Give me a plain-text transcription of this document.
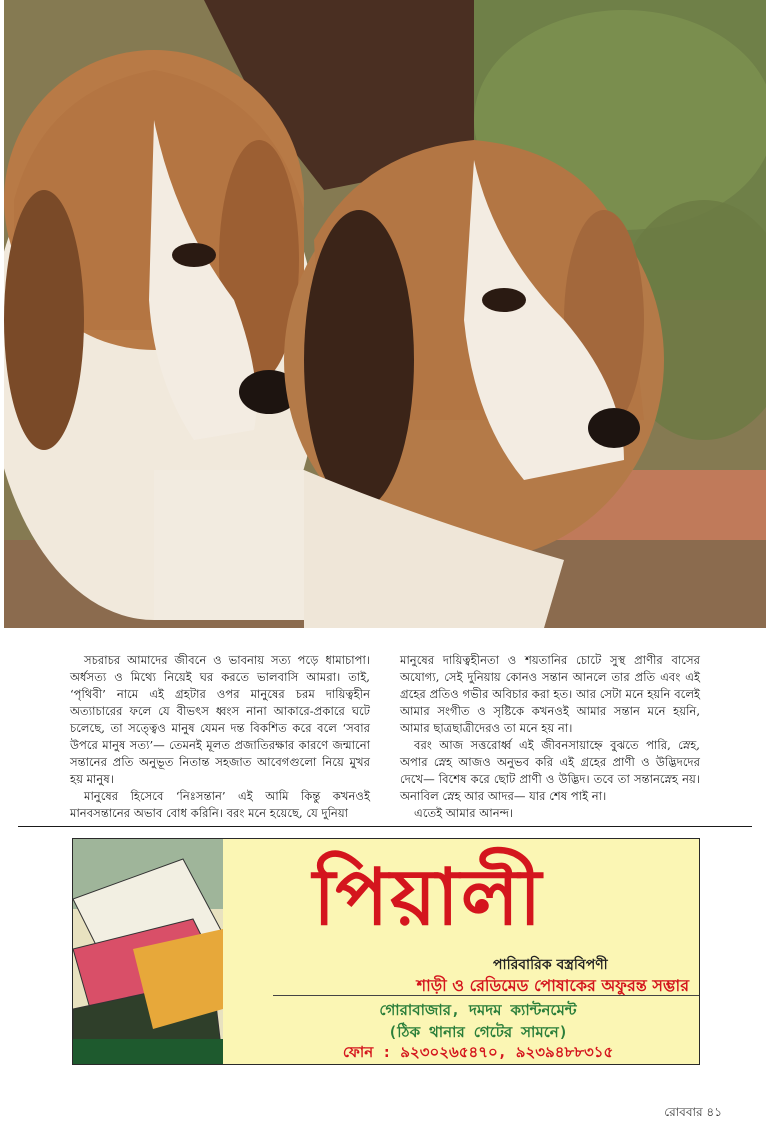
সচরাচর আমাদের জীবনে ও ভাবনায় সত্য পড়ে ধামাচাপা। অর্ধসত্য ও মিথ্যে নিয়েই ঘর করতে ভালবাসি আমরা। তাই, ‘পৃথিবী’ নামে এই গ্রহটার ওপর মানুষের চরম দায়িত্বহীন অত্যাচারের ফলে যে বীভৎস ধ্বংস নানা আকারে-প্রকারে ঘটে চলেছে, তা সত্ত্বেও মানুষ যেমন দন্ত বিকশিত করে বলে ‘সবার উপরে মানুষ সত্য’— তেমনই মূলত প্রজাতিরক্ষার কারণে জন্মানো সন্তানের প্রতি অনুভূত নিতান্ত সহজাত আবেগগুলো নিয়ে মুখর হয় মানুষ।

মানুষের হিসেবে ‘নিঃসন্তান’ এই আমি কিন্তু কখনওই মানবসন্তানের অভাব বোধ করিনি। বরং মনে হয়েছে, যে দুনিয়া

মানুষের দায়িত্বহীনতা ও শয়তানির চোটে সুস্থ প্রাণীর বাসের অযোগ্য, সেই দুনিয়ায় কোনও সন্তান আনলে তার প্রতি এবং এই গ্রহের প্রতিও গভীর অবিচার করা হত। আর সেটা মনে হয়নি বলেই আমার সংগীত ও সৃষ্টিকে কখনওই আমার সন্তান মনে হয়নি, আমার ছাত্রছাত্রীদেরও তা মনে হয় না।

বরং আজ সত্তরোর্ধ্ব এই জীবনসায়াহ্নে বুঝতে পারি, স্নেহ, অপার স্নেহ আজও অনুভব করি এই গ্রহের প্রাণী ও উদ্ভিদদের দেখে— বিশেষ করে ছোট প্রাণী ও উদ্ভিদ। তবে তা সন্তানস্নেহ নয়। অনাবিল স্নেহ আর আদর— যার শেষ পাই না।

এতেই আমার আনন্দ।

পিয়ালী
পারিবারিক বস্ত্রবিপণী
শাড়ী ও রেডিমেড পোষাকের অফুরন্ত সম্ভার
গোরাবাজার, দমদম ক্যান্টনমেন্ট
(ঠিক থানার গেটের সামনে)
ফোন : ৯২৩০২৬৫৪৭০, ৯২৩৯৪৮৮৩১৫
রোববার ৪১
